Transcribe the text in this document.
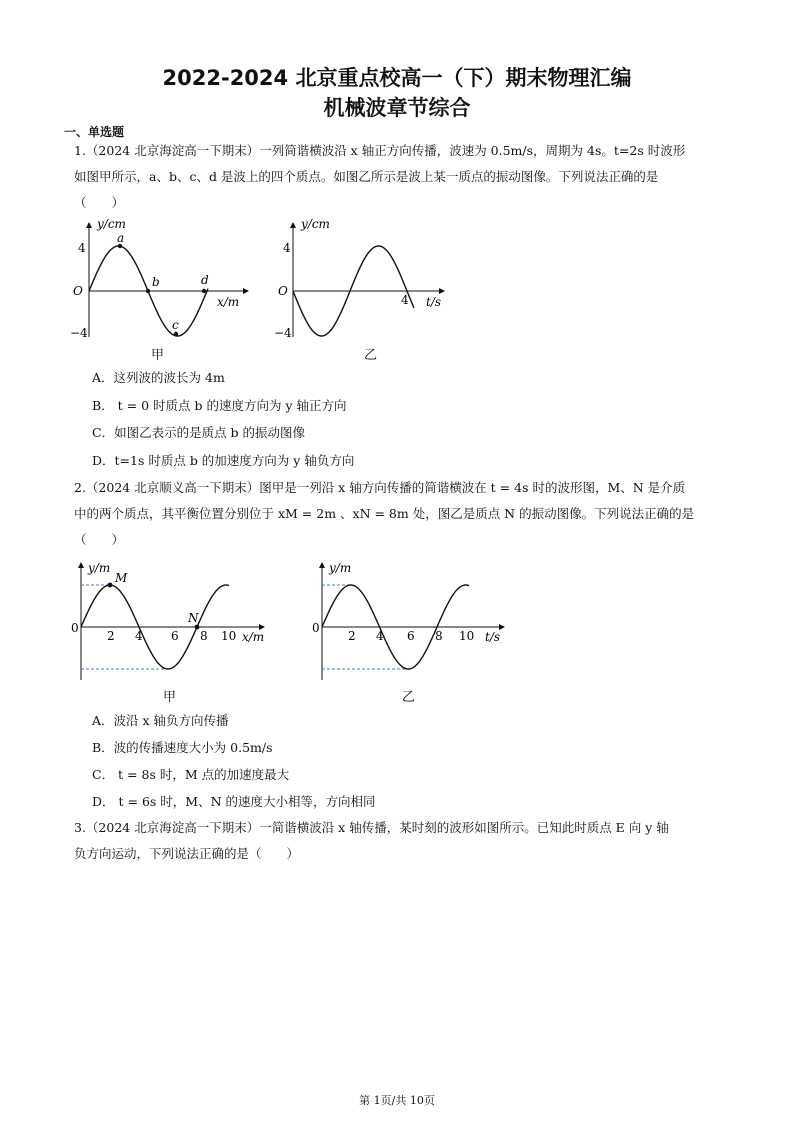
2022-2024 北京重点校高一（下）期末物理汇编
机械波章节综合
一、单选题
1.（2024 北京海淀高一下期末）一列简谐横波沿 x 轴正方向传播，波速为 0.5m/s，周期为 4s。t=2s 时波形
如图甲所示，a、b、c、d 是波上的四个质点。如图乙所示是波上某一质点的振动图像。下列说法正确的是
（　　）
y/cm
x/m
O
4
−4
a
b
c
d
甲
y/cm
t/s
O
4
−4
4
乙
A．这列波的波长为 4m
B． t = 0 时质点 b 的速度方向为 y 轴正方向
C．如图乙表示的是质点 b 的振动图像
D．t=1s 时质点 b 的加速度方向为 y 轴负方向
2.（2024 北京顺义高一下期末）图甲是一列沿 x 轴方向传播的简谐横波在 t = 4s 时的波形图，M、N 是介质
中的两个质点，其平衡位置分别位于 xM = 2m 、xN = 8m 处，图乙是质点 N 的振动图像。下列说法正确的是
（　　）
y/m
x/m
0
2 4 6 8 10
M
N
甲
y/m
t/s
0
2 4 6 8 10
乙
A．波沿 x 轴负方向传播
B．波的传播速度大小为 0.5m/s
C． t = 8s 时，M 点的加速度最大
D． t = 6s 时，M、N 的速度大小相等，方向相同
3.（2024 北京海淀高一下期末）一简谐横波沿 x 轴传播，某时刻的波形如图所示。已知此时质点 E 向 y 轴
负方向运动，下列说法正确的是（　　）
第 1页/共 10页
